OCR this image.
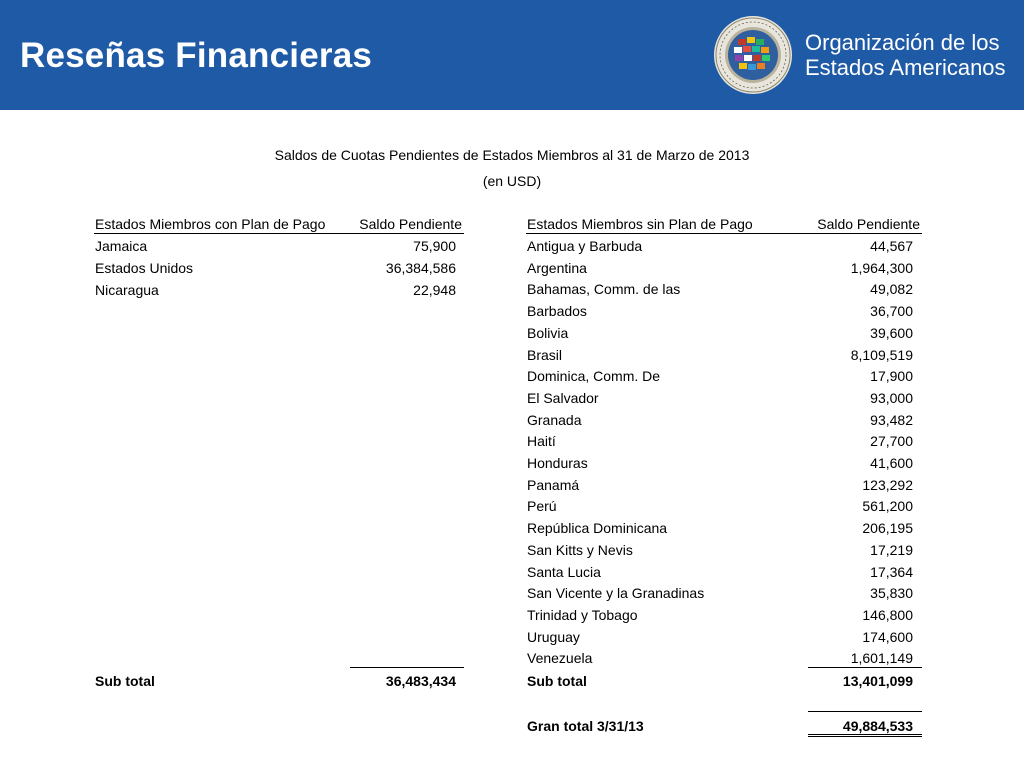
Reseñas Financieras	Organización de los
Estados Americanos
Saldos de Cuotas Pendientes de Estados Miembros al 31 de Marzo de 2013
(en USD)
Estados Miembros con Plan de Pago	Saldo Pendiente
Jamaica	75,900
Estados Unidos	36,384,586
Nicaragua	22,948
Sub total	36,483,434
Estados Miembros sin Plan de Pago	Saldo Pendiente
Antigua y Barbuda	44,567
Argentina	1,964,300
Bahamas, Comm. de las	49,082
Barbados	36,700
Bolivia	39,600
Brasil	8,109,519
Dominica, Comm. De	17,900
El Salvador	93,000
Granada	93,482
Haití	27,700
Honduras	41,600
Panamá	123,292
Perú	561,200
República Dominicana	206,195
San Kitts y Nevis	17,219
Santa Lucia	17,364
San Vicente y la Granadinas	35,830
Trinidad y Tobago	146,800
Uruguay	174,600
Venezuela	1,601,149
Sub total	13,401,099
Gran total 3/31/13	49,884,533
